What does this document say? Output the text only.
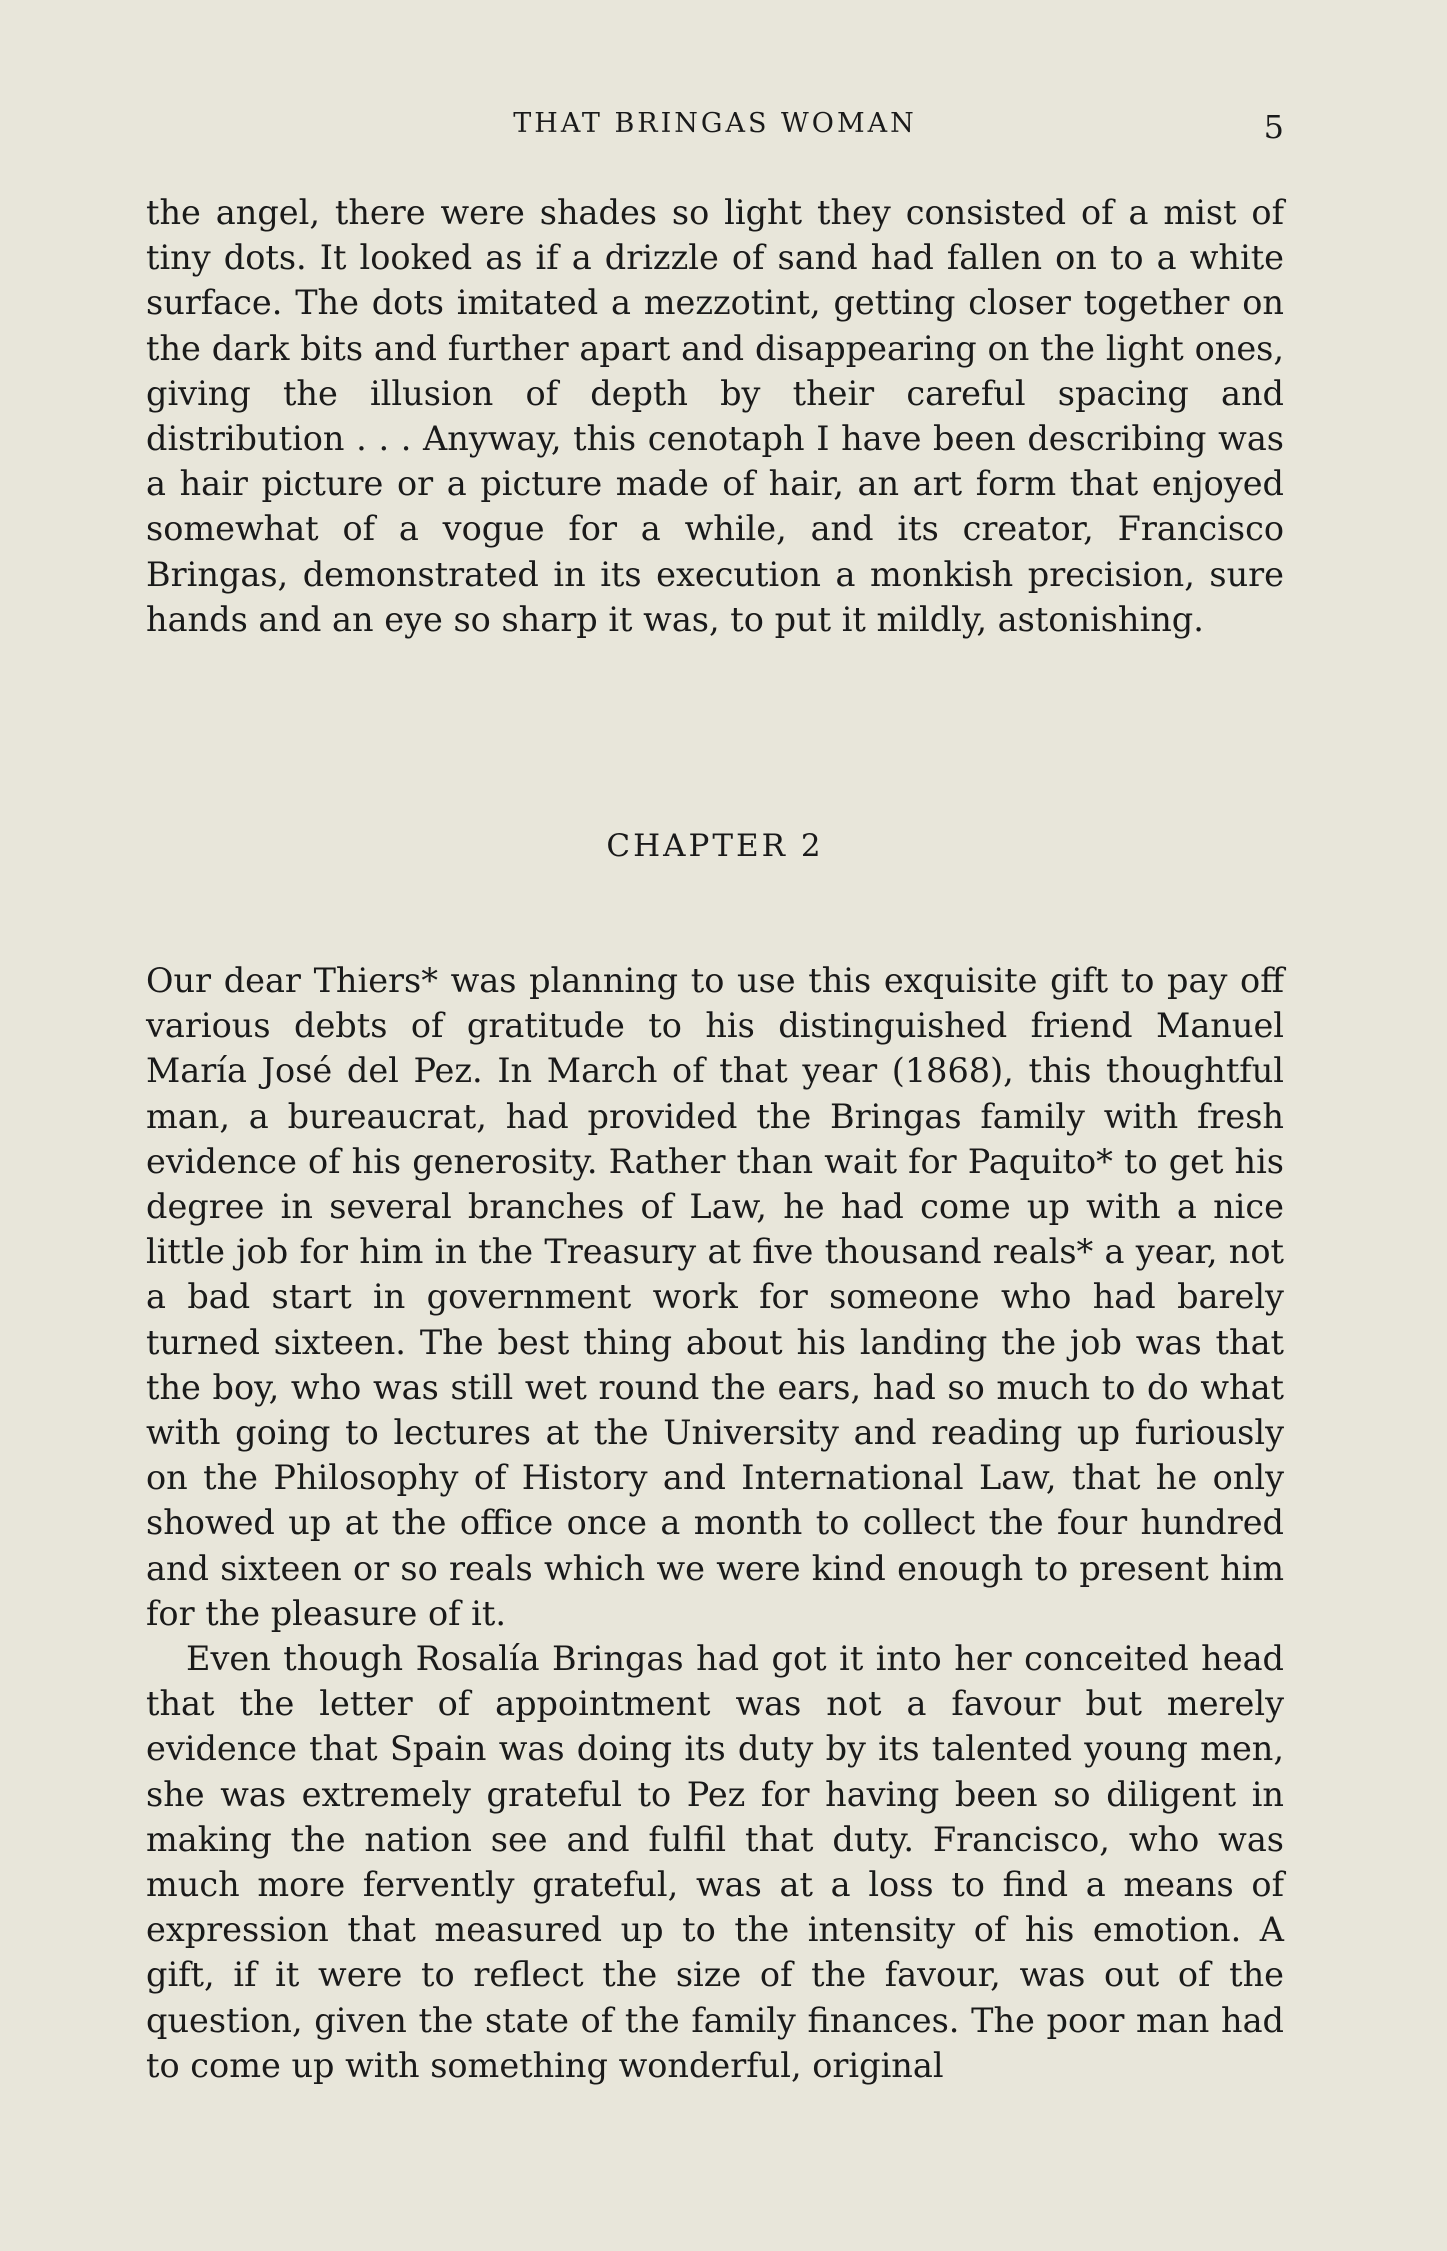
THAT BRINGAS WOMAN	5

the angel, there were shades so light they consisted of a mist of tiny dots. It looked as if a drizzle of sand had fallen on to a white surface. The dots imitated a mezzotint, getting closer together on the dark bits and further apart and disappearing on the light ones, giving the illusion of depth by their careful spacing and distribution . . . Anyway, this cenotaph I have been describing was a hair picture or a picture made of hair, an art form that enjoyed somewhat of a vogue for a while, and its creator, Francisco Bringas, demonstrated in its execution a monkish precision, sure hands and an eye so sharp it was, to put it mildly, astonishing.

CHAPTER 2

Our dear Thiers* was planning to use this exquisite gift to pay off various debts of gratitude to his distinguished friend Manuel María José del Pez. In March of that year (1868), this thoughtful man, a bureaucrat, had provided the Bringas family with fresh evidence of his generosity. Rather than wait for Paquito* to get his degree in several branches of Law, he had come up with a nice little job for him in the Treasury at five thousand reals* a year, not a bad start in government work for someone who had barely turned sixteen. The best thing about his landing the job was that the boy, who was still wet round the ears, had so much to do what with going to lectures at the University and reading up furiously on the Philosophy of History and International Law, that he only showed up at the office once a month to collect the four hundred and sixteen or so reals which we were kind enough to present him for the pleasure of it.

Even though Rosalía Bringas had got it into her conceited head that the letter of appointment was not a favour but merely evidence that Spain was doing its duty by its talented young men, she was extremely grateful to Pez for having been so diligent in making the nation see and fulfil that duty. Francisco, who was much more fervently grateful, was at a loss to find a means of expression that measured up to the intensity of his emotion. A gift, if it were to reflect the size of the favour, was out of the question, given the state of the family finances. The poor man had to come up with something wonderful, original
